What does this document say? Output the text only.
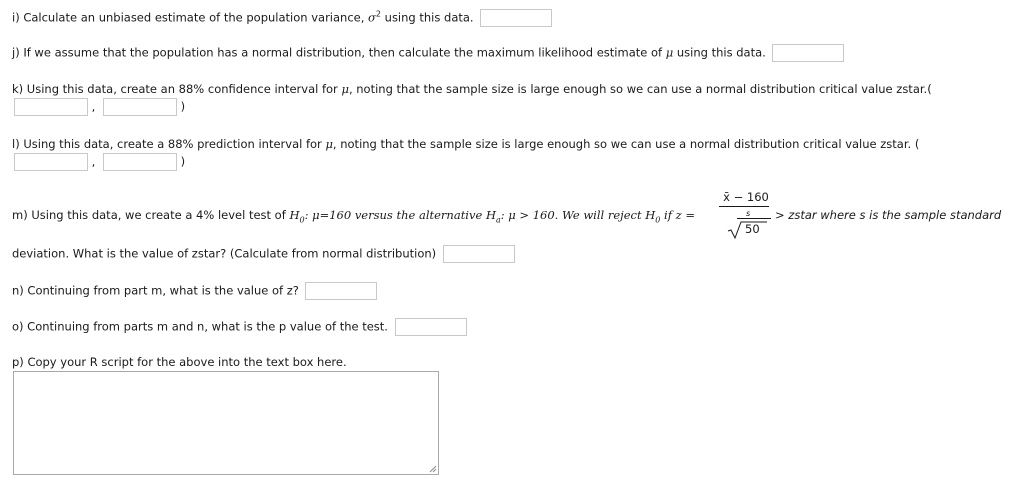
i) Calculate an unbiased estimate of the population variance, $\sigma^2$ using this data.
j) If we assume that the population has a normal distribution, then calculate the maximum likelihood estimate of μ using this data.
k) Using this data, create an 88% confidence interval for μ, noting that the sample size is large enough so we can use a normal distribution critical value zstar.(
,	)
l) Using this data, create a 88% prediction interval for μ, noting that the sample size is large enough so we can use a normal distribution critical value zstar. (
,	)
m) Using this data, we create a 4% level test of $H_0$: μ=160 versus the alternative $H_a$: μ > 160. We will reject $H_0$ if z =
x̄ − 160
s
50
> zstar where s is the sample standard
deviation. What is the value of zstar? (Calculate from normal distribution)
n) Continuing from part m, what is the value of z?
o) Continuing from parts m and n, what is the p value of the test.
p) Copy your R script for the above into the text box here.
